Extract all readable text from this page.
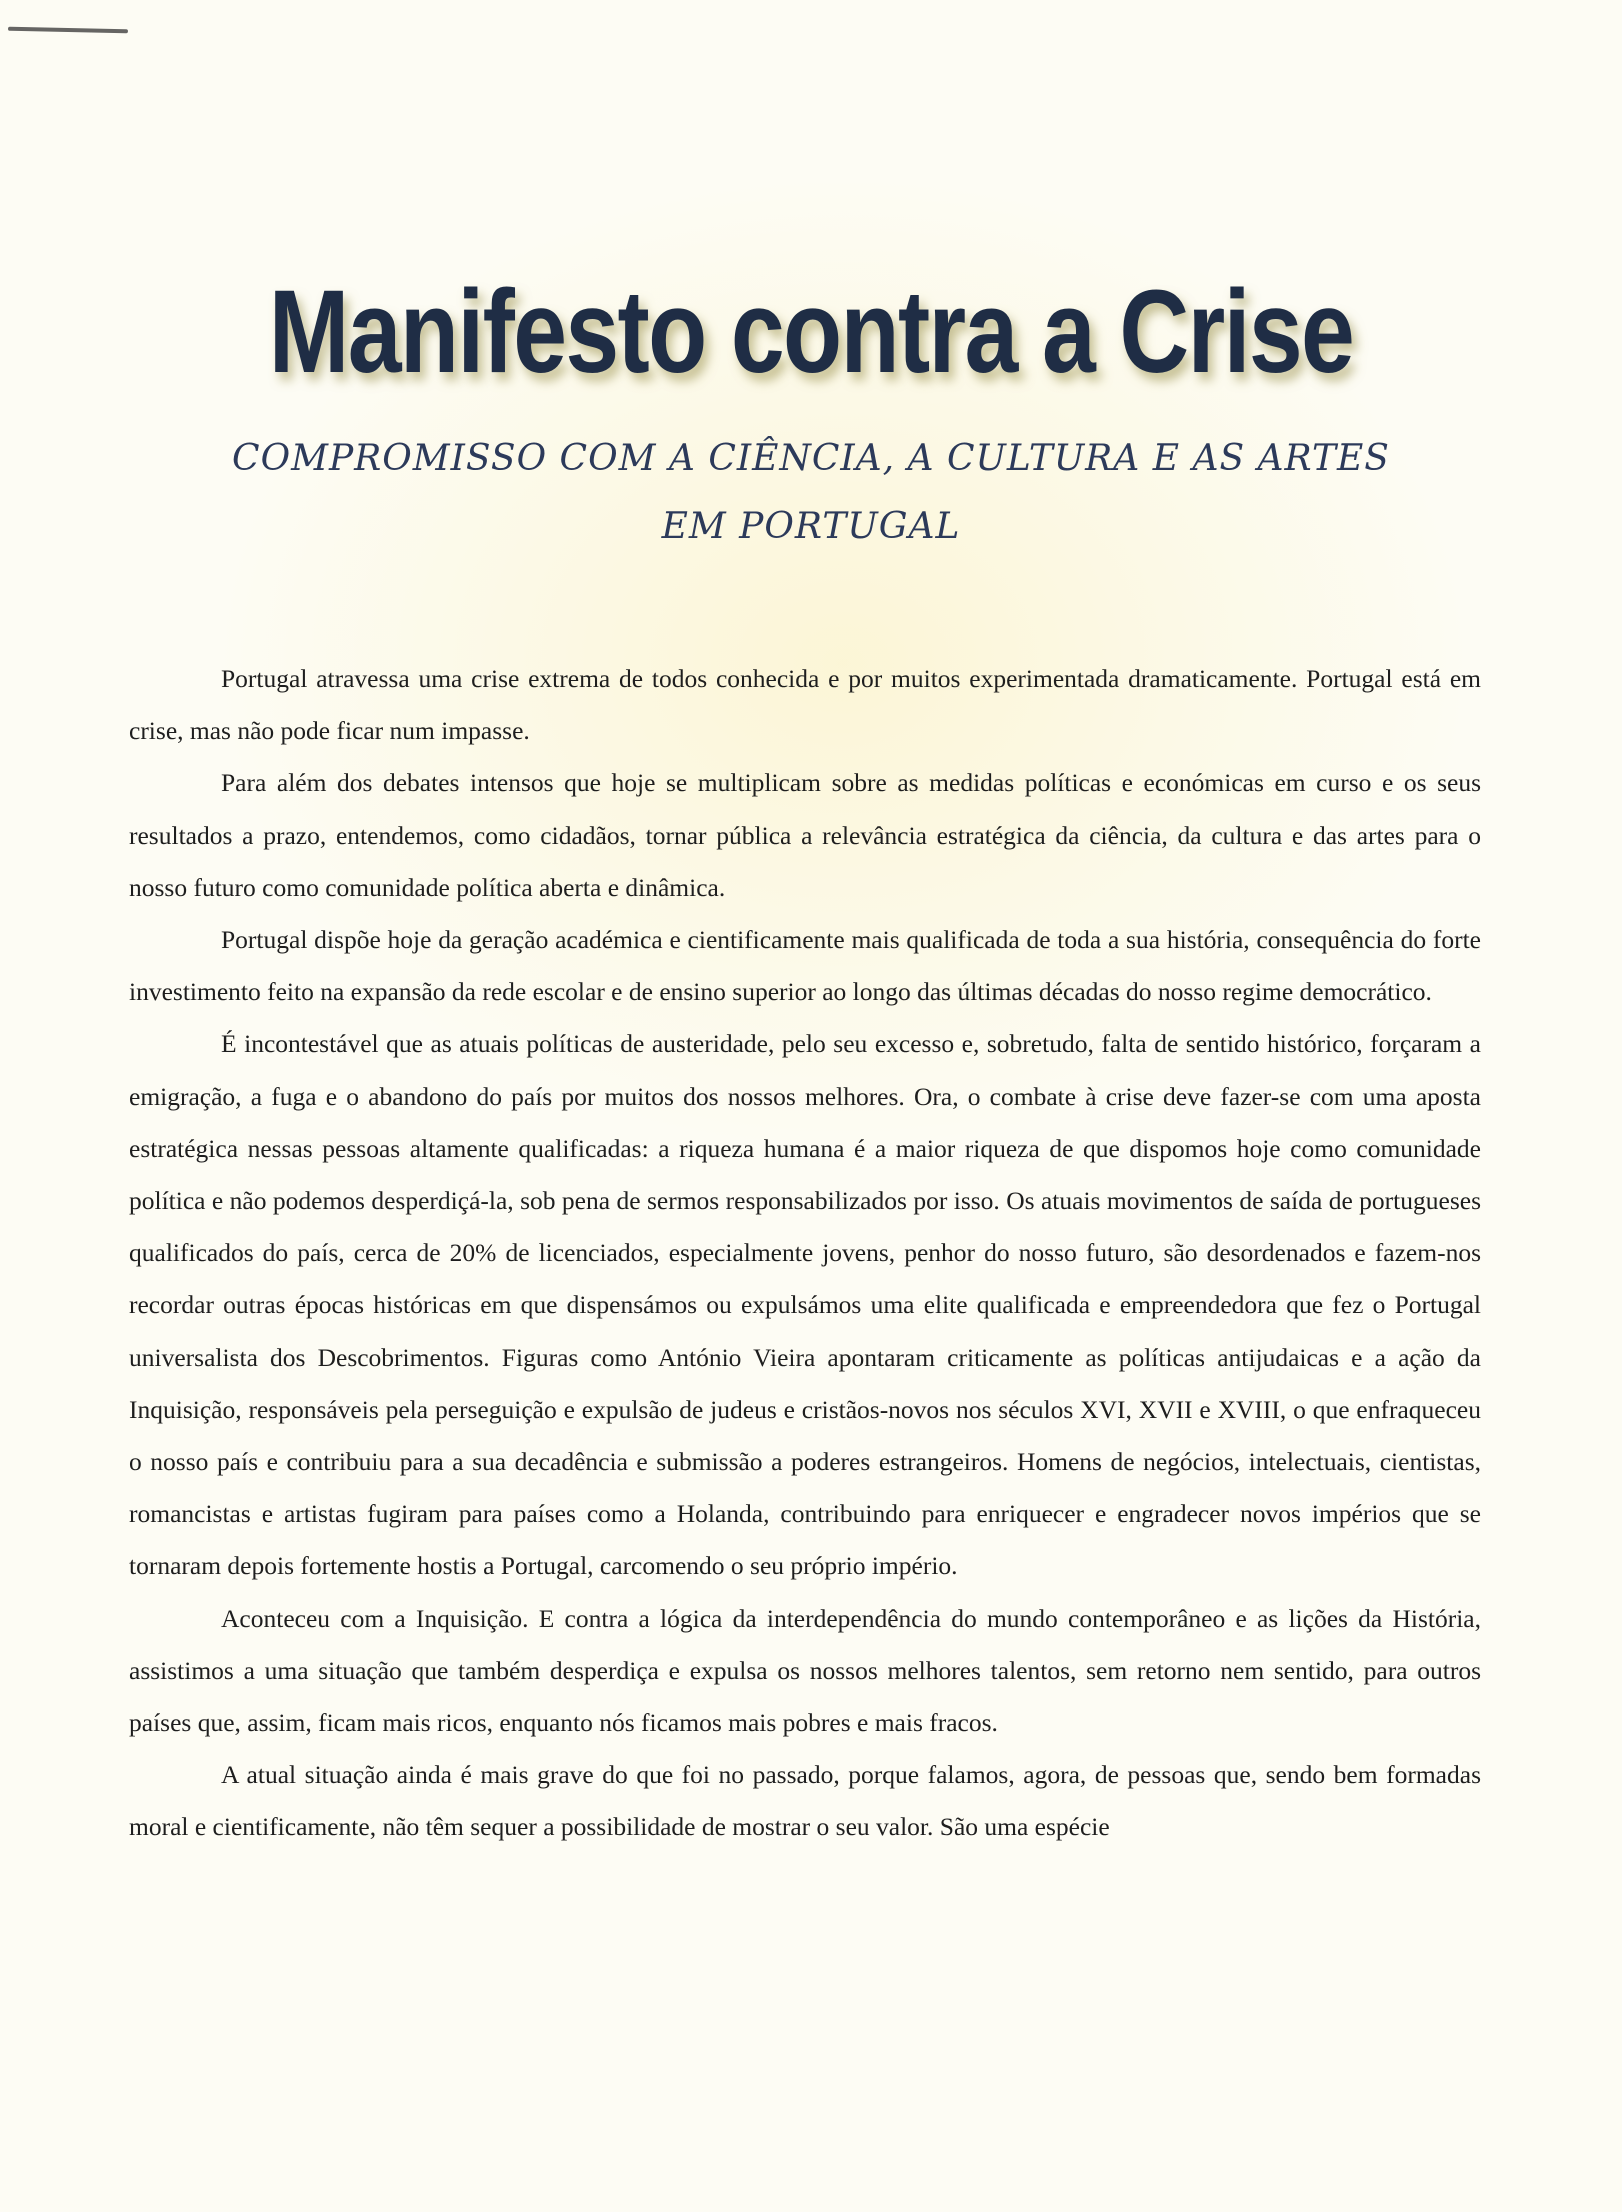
Manifesto contra a Crise
COMPROMISSO COM A CIÊNCIA, A CULTURA E AS ARTES
EM PORTUGAL

Portugal atravessa uma crise extrema de todos conhecida e por muitos experimentada dramaticamente. Portugal está em crise, mas não pode ficar num impasse.

Para além dos debates intensos que hoje se multiplicam sobre as medidas políticas e económicas em curso e os seus resultados a prazo, entendemos, como cidadãos, tornar pública a relevância estratégica da ciência, da cultura e das artes para o nosso futuro como comunidade política aberta e dinâmica.

Portugal dispõe hoje da geração académica e cientificamente mais qualificada de toda a sua história, consequência do forte investimento feito na expansão da rede escolar e de ensino superior ao longo das últimas décadas do nosso regime democrático.

É incontestável que as atuais políticas de austeridade, pelo seu excesso e, sobretudo, falta de sentido histórico, forçaram a emigração, a fuga e o abandono do país por muitos dos nossos melhores. Ora, o combate à crise deve fazer-se com uma aposta estratégica nessas pessoas altamente qualificadas: a riqueza humana é a maior riqueza de que dispomos hoje como comunidade política e não podemos desperdiçá-la, sob pena de sermos responsabilizados por isso. Os atuais movimentos de saída de portugueses qualificados do país, cerca de 20% de licenciados, especialmente jovens, penhor do nosso futuro, são desordenados e fazem-nos recordar outras épocas históricas em que dispensámos ou expulsámos uma elite qualificada e empreendedora que fez o Portugal universalista dos Descobrimentos. Figuras como António Vieira apontaram criticamente as políticas antijudaicas e a ação da Inquisição, responsáveis pela perseguição e expulsão de judeus e cristãos-novos nos séculos XVI, XVII e XVIII, o que enfraqueceu o nosso país e contribuiu para a sua decadência e submissão a poderes estrangeiros. Homens de negócios, intelectuais, cientistas, romancistas e artistas fugiram para países como a Holanda, contribuindo para enriquecer e engradecer novos impérios que se tornaram depois fortemente hostis a Portugal, carcomendo o seu próprio império.

Aconteceu com a Inquisição. E contra a lógica da interdependência do mundo contemporâneo e as lições da História, assistimos a uma situação que também desperdiça e expulsa os nossos melhores talentos, sem retorno nem sentido, para outros países que, assim, ficam mais ricos, enquanto nós ficamos mais pobres e mais fracos.

A atual situação ainda é mais grave do que foi no passado, porque falamos, agora, de pessoas que, sendo bem formadas moral e cientificamente, não têm sequer a possibilidade de mostrar o seu valor. São uma espécie
